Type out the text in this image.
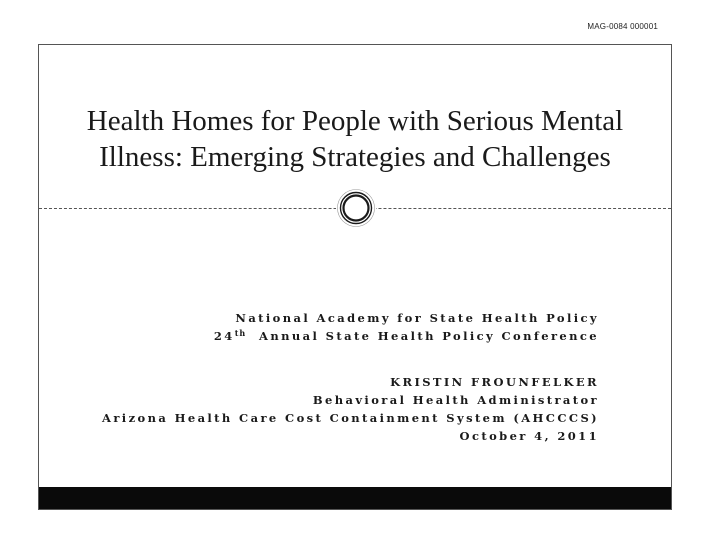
MAG-0084 000001
Health Homes for People with Serious Mental
Illness: Emerging Strategies and Challenges
National Academy for State Health Policy
24th Annual State Health Policy Conference
KRISTIN FROUNFELKER
Behavioral Health Administrator
Arizona Health Care Cost Containment System (AHCCCS)
October 4, 2011
